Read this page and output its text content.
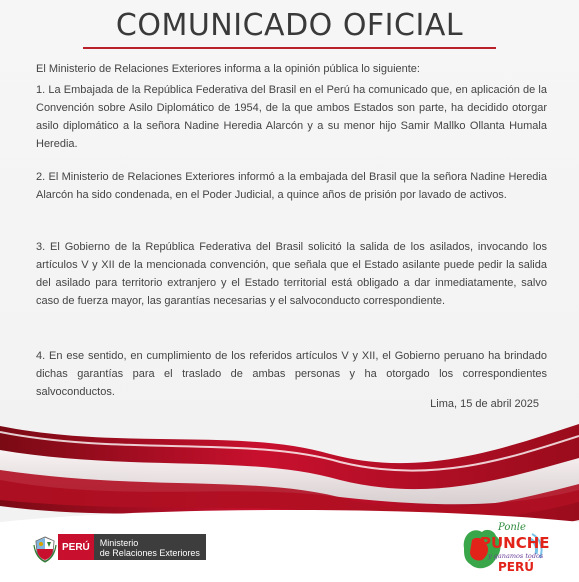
COMUNICADO OFICIAL
El Ministerio de Relaciones Exteriores informa a la opinión pública lo siguiente:
1. La Embajada de la República Federativa del Brasil en el Perú ha comunicado que, en aplicación de la Convención sobre Asilo Diplomático de 1954, de la que ambos Estados son parte, ha decidido otorgar asilo diplomático a la señora Nadine Heredia Alarcón y a su menor hijo Samir Mallko Ollanta Humala Heredia.
2. El Ministerio de Relaciones Exteriores informó a la embajada del Brasil que la señora Nadine Heredia Alarcón ha sido condenada, en el Poder Judicial, a quince años de prisión por lavado de activos.
3. El Gobierno de la República Federativa del Brasil solicitó la salida de los asilados, invocando los artículos V y XII de la mencionada convención, que señala que el Estado asilante puede pedir la salida del asilado para territorio extranjero y el Estado territorial está obligado a dar inmediatamente, salvo caso de fuerza mayor, las garantías necesarias y el salvoconducto correspondiente.
4. En ese sentido, en cumplimiento de los referidos artículos V y XII, el Gobierno peruano ha brindado dichas garantías para el traslado de ambas personas y ha otorgado los correspondientes salvoconductos.
Lima, 15 de abril 2025
PERÚ	Ministerio
de Relaciones Exteriores
Ponle
PUNCHE
y ganamos todos
PERÚ
